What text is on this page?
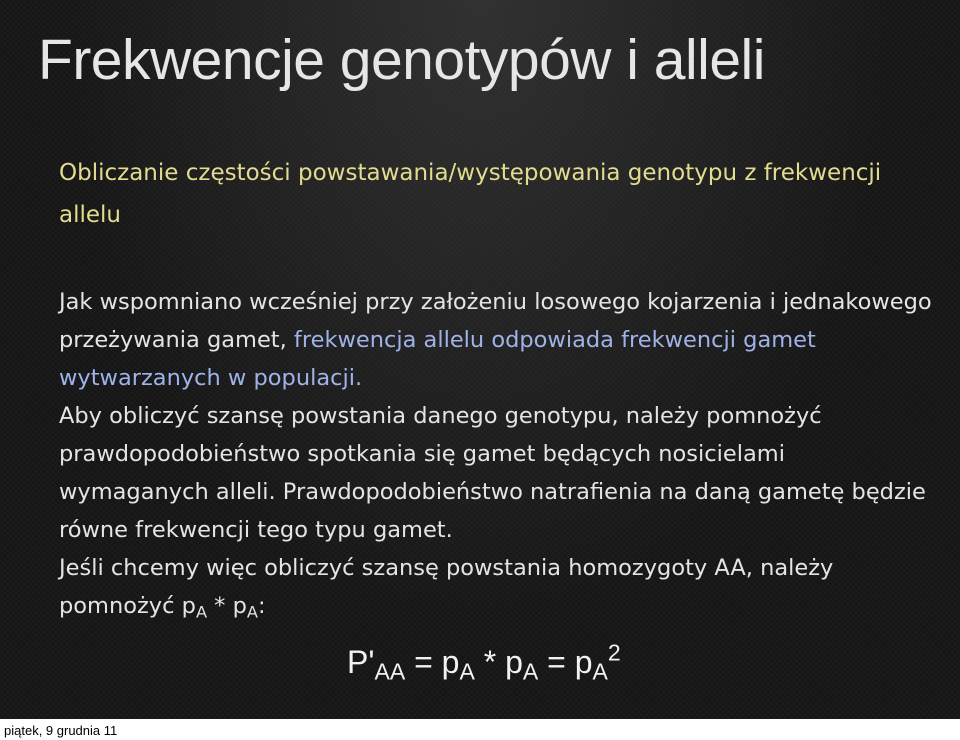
Frekwencje genotypów i alleli

Obliczanie częstości powstawania/występowania genotypu z frekwencji allelu

Jak wspomniano wcześniej przy założeniu losowego kojarzenia i jednakowego przeżywania gamet, frekwencja allelu odpowiada frekwencji gamet wytwarzanych w populacji.

Aby obliczyć szansę powstania danego genotypu, należy pomnożyć prawdopodobieństwo spotkania się gamet będących nosicielami wymaganych alleli. Prawdopodobieństwo natrafienia na daną gametę będzie równe frekwencji tego typu gamet.

Jeśli chcemy więc obliczyć szansę powstania homozygoty AA, należy pomnożyć $p_A * p_A$:

$P'_{AA} = p_A * p_A = p_A^2$
piątek, 9 grudnia 11
